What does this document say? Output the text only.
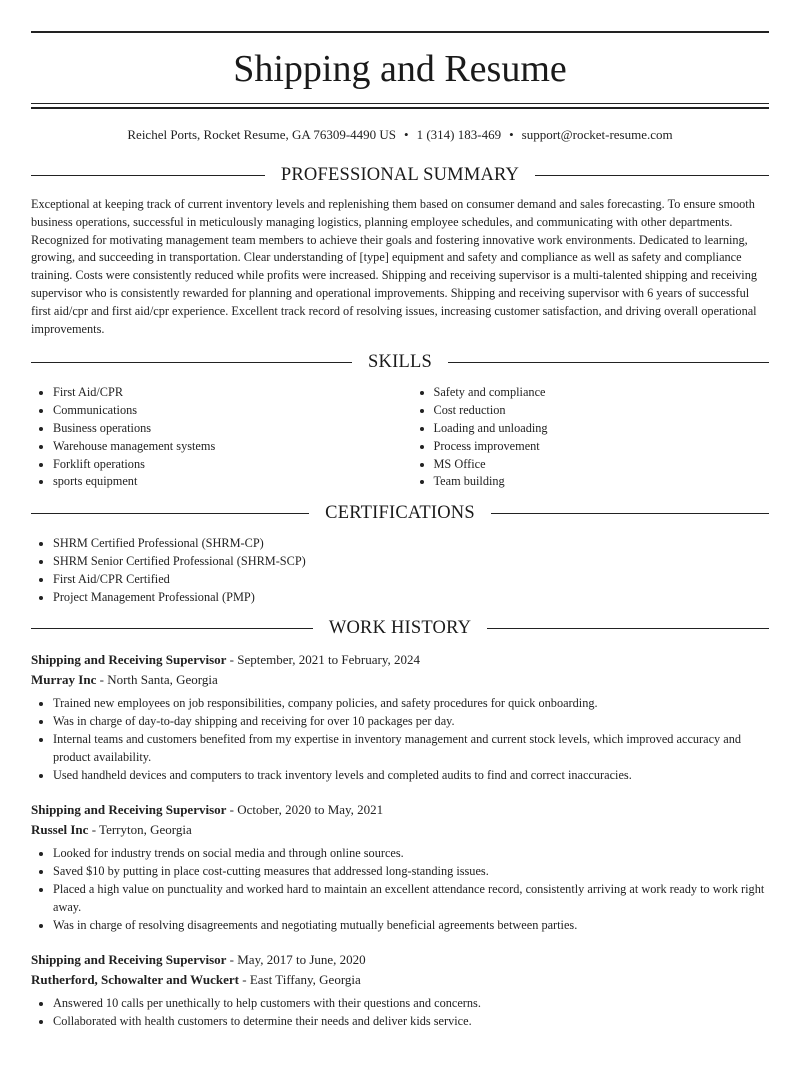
Shipping and Resume
Reichel Ports, Rocket Resume, GA 76309-4490 US • 1 (314) 183-469 • support@rocket-resume.com
PROFESSIONAL SUMMARY

Exceptional at keeping track of current inventory levels and replenishing them based on consumer demand and sales forecasting. To ensure smooth business operations, successful in meticulously managing logistics, planning employee schedules, and communicating with other departments. Recognized for motivating management team members to achieve their goals and fostering innovative work environments. Dedicated to learning, growing, and succeeding in transportation. Clear understanding of [type] equipment and safety and compliance as well as safety and compliance training. Costs were consistently reduced while profits were increased. Shipping and receiving supervisor is a multi-talented shipping and receiving supervisor who is consistently rewarded for planning and operational improvements. Shipping and receiving supervisor with 6 years of successful first aid/cpr and first aid/cpr experience. Excellent track record of resolving issues, increasing customer satisfaction, and driving overall operational improvements.

SKILLS
• First Aid/CPR
• Communications
• Business operations
• Warehouse management systems
• Forklift operations
• sports equipment
• Safety and compliance
• Cost reduction
• Loading and unloading
• Process improvement
• MS Office
• Team building
CERTIFICATIONS
• SHRM Certified Professional (SHRM-CP)
• SHRM Senior Certified Professional (SHRM-SCP)
• First Aid/CPR Certified
• Project Management Professional (PMP)
WORK HISTORY
Shipping and Receiving Supervisor - September, 2021 to February, 2024
Murray Inc - North Santa, Georgia
• Trained new employees on job responsibilities, company policies, and safety procedures for quick onboarding.
• Was in charge of day-to-day shipping and receiving for over 10 packages per day.
• Internal teams and customers benefited from my expertise in inventory management and current stock levels, which improved accuracy and product availability.
• Used handheld devices and computers to track inventory levels and completed audits to find and correct inaccuracies.
Shipping and Receiving Supervisor - October, 2020 to May, 2021
Russel Inc - Terryton, Georgia
• Looked for industry trends on social media and through online sources.
• Saved $10 by putting in place cost-cutting measures that addressed long-standing issues.
• Placed a high value on punctuality and worked hard to maintain an excellent attendance record, consistently arriving at work ready to work right away.
• Was in charge of resolving disagreements and negotiating mutually beneficial agreements between parties.
Shipping and Receiving Supervisor - May, 2017 to June, 2020
Rutherford, Schowalter and Wuckert - East Tiffany, Georgia
• Answered 10 calls per unethically to help customers with their questions and concerns.
• Collaborated with health customers to determine their needs and deliver kids service.
